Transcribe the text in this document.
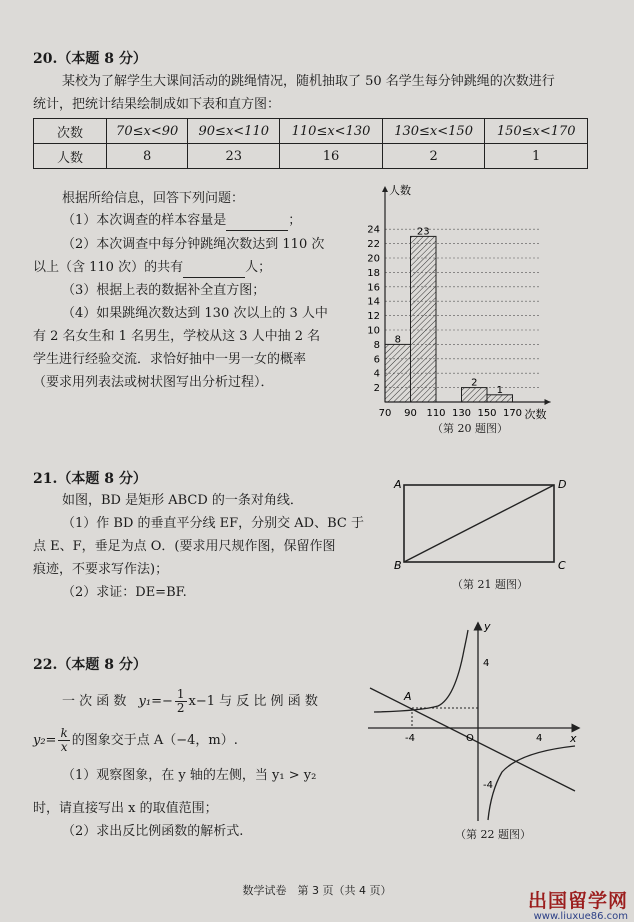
20.（本题 8 分）
某校为了解学生大课间活动的跳绳情况，随机抽取了 50 名学生每分钟跳绳的次数进行
统计，把统计结果绘制成如下表和直方图：
次数	70≤x<90	90≤x<110	110≤x<130	130≤x<150	150≤x<170
人数	8	23	16	2	1
根据所给信息，回答下列问题：
（1）本次调查的样本容量是	；
（2）本次调查中每分钟跳绳次数达到 110 次
以上（含 110 次）的共有	人；
（3）根据上表的数据补全直方图；
（4）如果跳绳次数达到 130 次以上的 3 人中
有 2 名女生和 1 名男生，学校从这 3 人中抽 2 名
学生进行经验交流．求恰好抽中一男一女的概率
（要求用列表法或树状图写出分析过程）．
8
23
2
1
2
4
6
8
10
12
14
16
18
20
22
24
70 90 110 130 150 170
人数
次数
（第 20 题图）
21.（本题 8 分）
如图，BD 是矩形 ABCD 的一条对角线．
（1）作 BD 的垂直平分线 EF，分别交 AD、BC 于
点 E、F，垂足为点 O．(要求用尺规作图，保留作图
痕迹，不要求写作法)；
（2）求证：DE=BF.
A	D
B	C
（第 21 题图）
22.（本题 8 分）
一 次 函 数 $y_1=- \frac{1}{2} x-1$ 与 反 比 例 函 数
$y_2= \frac{k}{x}$ 的图象交于点 A（−4，m）.
（1）观察图象，在 y 轴的左侧，当 y₁ > y₂
时，请直接写出 x 的取值范围；
（2）求出反比例函数的解析式.
A
x
y
O
-4	4
4
-4
（第 22 题图）
数学试卷　第 3 页（共 4 页）	出国留学网
www.liuxue86.com
